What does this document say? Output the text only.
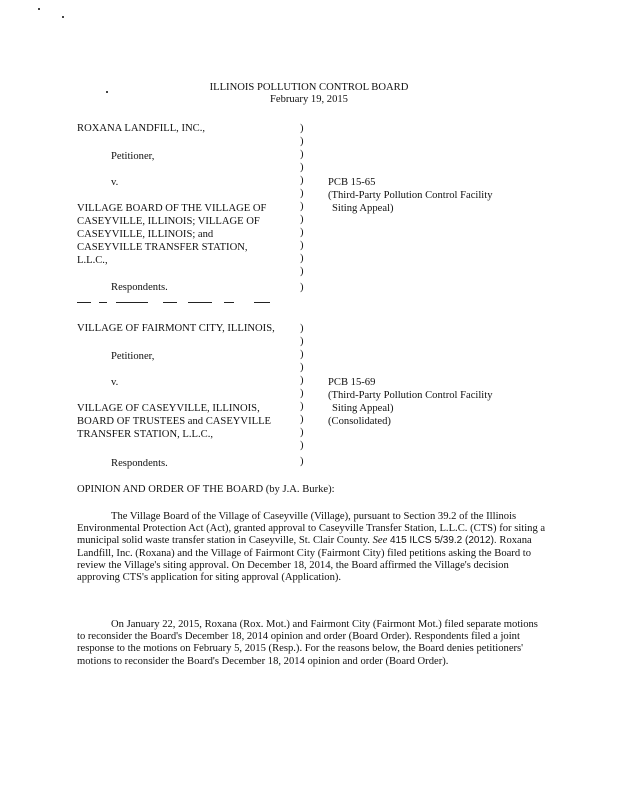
ILLINOIS POLLUTION CONTROL BOARD
February 19, 2015
ROXANA LANDFILL, INC.,
Petitioner,
v.
VILLAGE BOARD OF THE VILLAGE OF
CASEYVILLE, ILLINOIS; VILLAGE OF
CASEYVILLE, ILLINOIS; and
CASEYVILLE TRANSFER STATION,
L.L.C.,
Respondents.
PCB 15-65
(Third-Party Pollution Control Facility
Siting Appeal)
)
)
)
)
)
)
)
)
)
)
)
)
)
VILLAGE OF FAIRMONT CITY, ILLINOIS,
Petitioner,
v.
VILLAGE OF CASEYVILLE, ILLINOIS,
BOARD OF TRUSTEES and CASEYVILLE
TRANSFER STATION, L.L.C.,
Respondents.
PCB 15-69
(Third-Party Pollution Control Facility
Siting Appeal)
(Consolidated)
)
)
)
)
)
)
)
)
)
)
)
OPINION AND ORDER OF THE BOARD (by J.A. Burke):
The Village Board of the Village of Caseyville (Village), pursuant to Section 39.2 of the Illinois Environmental Protection Act (Act), granted approval to Caseyville Transfer Station, L.L.C. (CTS) for siting a municipal solid waste transfer station in Caseyville, St. Clair County. See 415 ILCS 5/39.2 (2012). Roxana Landfill, Inc. (Roxana) and the Village of Fairmont City (Fairmont City) filed petitions asking the Board to review the Village's siting approval. On December 18, 2014, the Board affirmed the Village's decision approving CTS's application for siting approval (Application).
On January 22, 2015, Roxana (Rox. Mot.) and Fairmont City (Fairmont Mot.) filed separate motions to reconsider the Board's December 18, 2014 opinion and order (Board Order). Respondents filed a joint response to the motions on February 5, 2015 (Resp.). For the reasons below, the Board denies petitioners' motions to reconsider the Board's December 18, 2014 opinion and order (Board Order).
